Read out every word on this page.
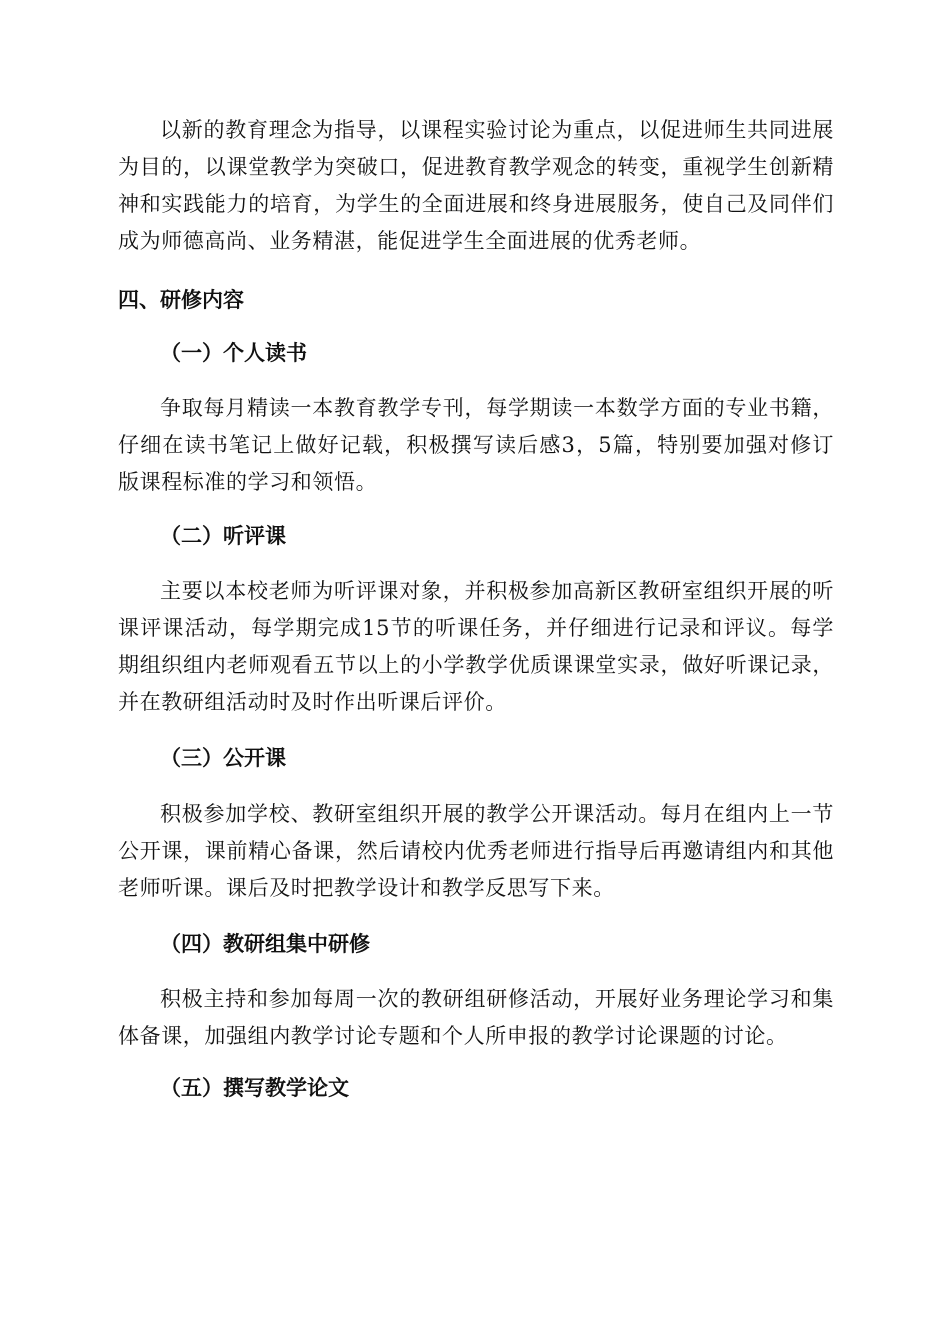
以新的教育理念为指导，以课程实验讨论为重点，以促进师生共同进展为目的，以课堂教学为突破口，促进教育教学观念的转变，重视学生创新精神和实践能力的培育，为学生的全面进展和终身进展服务，使自己及同伴们成为师德高尚、业务精湛，能促进学生全面进展的优秀老师。

四、研修内容
（一）个人读书

争取每月精读一本教育教学专刊，每学期读一本数学方面的专业书籍，仔细在读书笔记上做好记载，积极撰写读后感3，5篇，特别要加强对修订版课程标准的学习和领悟。

（二）听评课

主要以本校老师为听评课对象，并积极参加高新区教研室组织开展的听课评课活动，每学期完成15节的听课任务，并仔细进行记录和评议。每学期组织组内老师观看五节以上的小学教学优质课课堂实录，做好听课记录，并在教研组活动时及时作出听课后评价。

（三）公开课

积极参加学校、教研室组织开展的教学公开课活动。每月在组内上一节公开课，课前精心备课，然后请校内优秀老师进行指导后再邀请组内和其他老师听课。课后及时把教学设计和教学反思写下来。

（四）教研组集中研修

积极主持和参加每周一次的教研组研修活动，开展好业务理论学习和集体备课，加强组内教学讨论专题和个人所申报的教学讨论课题的讨论。

（五）撰写教学论文
